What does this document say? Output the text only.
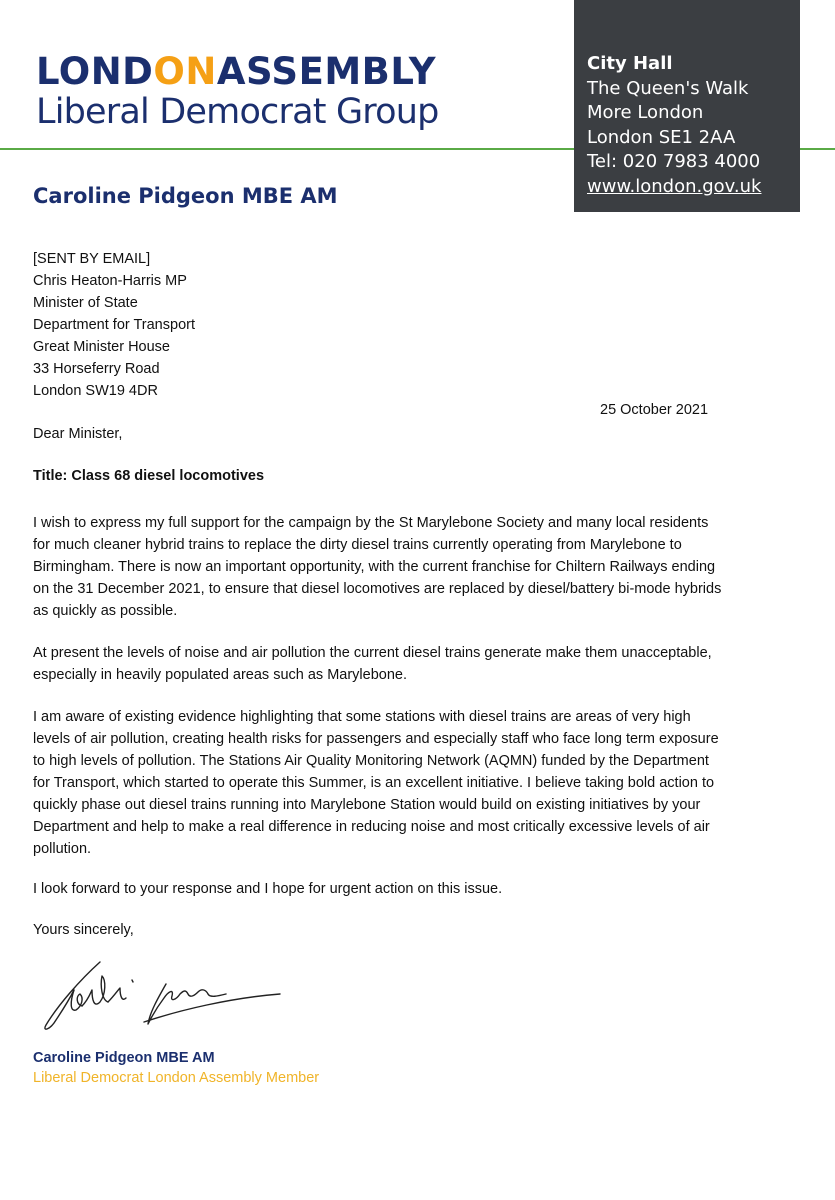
LONDONASSEMBLY
Liberal Democrat Group
City Hall
The Queen's Walk
More London
London SE1 2AA
Tel: 020 7983 4000
www.london.gov.uk
Caroline Pidgeon MBE AM
[SENT BY EMAIL]
Chris Heaton-Harris MP
Minister of State
Department for Transport
Great Minister House
33 Horseferry Road
London SW19 4DR
25 October 2021
Dear Minister,
Title: Class 68 diesel locomotives
I wish to express my full support for the campaign by the St Marylebone Society and many local residents
for much cleaner hybrid trains to replace the dirty diesel trains currently operating from Marylebone to
Birmingham. There is now an important opportunity, with the current franchise for Chiltern Railways ending
on the 31 December 2021, to ensure that diesel locomotives are replaced by diesel/battery bi-mode hybrids
as quickly as possible.
At present the levels of noise and air pollution the current diesel trains generate make them unacceptable,
especially in heavily populated areas such as Marylebone.
I am aware of existing evidence highlighting that some stations with diesel trains are areas of very high
levels of air pollution, creating health risks for passengers and especially staff who face long term exposure
to high levels of pollution. The Stations Air Quality Monitoring Network (AQMN) funded by the Department
for Transport, which started to operate this Summer, is an excellent initiative. I believe taking bold action to
quickly phase out diesel trains running into Marylebone Station would build on existing initiatives by your
Department and help to make a real difference in reducing noise and most critically excessive levels of air
pollution.
I look forward to your response and I hope for urgent action on this issue.
Yours sincerely,
Caroline Pidgeon MBE AM
Liberal Democrat London Assembly Member
